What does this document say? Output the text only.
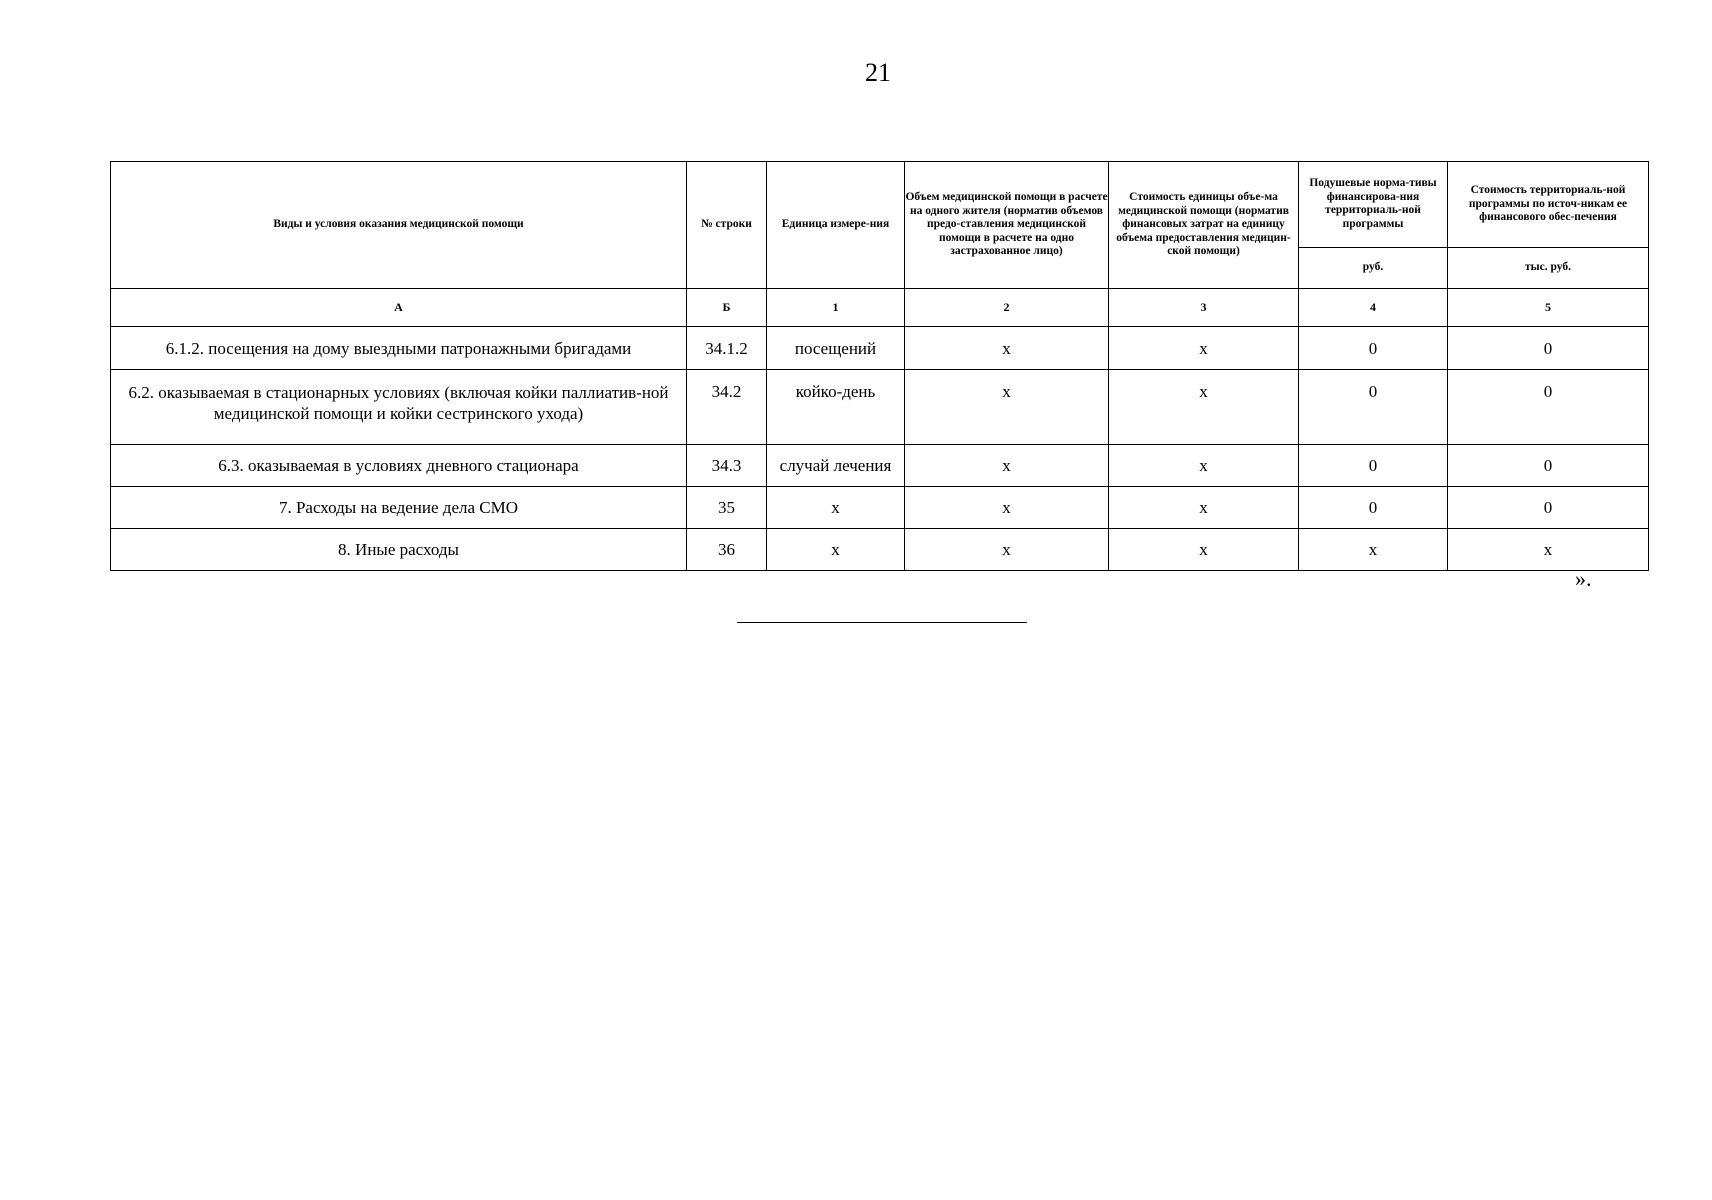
21
Виды и условия оказания медицинской помощи	№ строки	Единица измере-ния	Объем медицинской помощи в расчете на одного жителя (норматив объемов предо-ставления медицинской помощи в расчете на одно застрахованное лицо)	Стоимость единицы объе-ма медицинской помощи (норматив финансовых затрат на единицу объема предоставления медицин-ской помощи)	Подушевые норма-тивы финансирова-ния территориаль-ной программы	Стоимость территориаль-ной программы по источ-никам ее финансового обес-печения
					руб.	тыс. руб.
А	Б	1	2	3	4	5
6.1.2. посещения на дому выездными патронажными бригадами	34.1.2	посещений	х	х	0	0
6.2. оказываемая в стационарных условиях (включая койки паллиатив-ной медицинской помощи и койки сестринского ухода)	34.2	койко-день	х	х	0	0
6.3. оказываемая в условиях дневного стационара	34.3	случай лечения	х	х	0	0
7. Расходы на ведение дела СМО	35	х	х	х	0	0
8. Иные расходы	36	х	х	х	х	х
».
